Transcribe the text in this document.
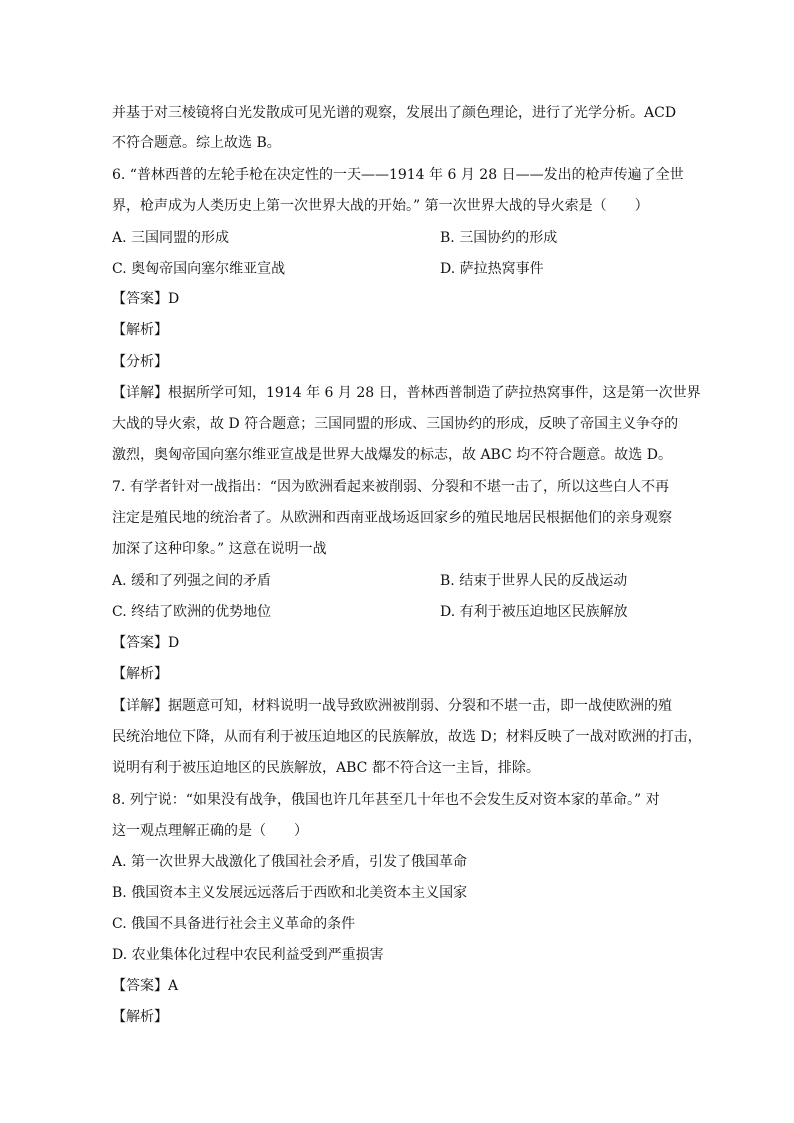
并基于对三棱镜将白光发散成可见光谱的观察，发展出了颜色理论，进行了光学分析。ACD
不符合题意。综上故选 B。
6. “普林西普的左轮手枪在决定性的一天——1914 年 6 月 28 日——发出的枪声传遍了全世
界，枪声成为人类历史上第一次世界大战的开始。” 第一次世界大战的导火索是（　　）
A. 三国同盟的形成	B. 三国协约的形成
C. 奥匈帝国向塞尔维亚宣战	D. 萨拉热窝事件
【答案】D
【解析】
【分析】
【详解】根据所学可知，1914 年 6 月 28 日，普林西普制造了萨拉热窝事件，这是第一次世界
大战的导火索，故 D 符合题意；三国同盟的形成、三国协约的形成，反映了帝国主义争夺的
激烈，奥匈帝国向塞尔维亚宣战是世界大战爆发的标志，故 ABC 均不符合题意。故选 D。
7. 有学者针对一战指出：“因为欧洲看起来被削弱、分裂和不堪一击了，所以这些白人不再
注定是殖民地的统治者了。从欧洲和西南亚战场返回家乡的殖民地居民根据他们的亲身观察
加深了这种印象。” 这意在说明一战
A. 缓和了列强之间的矛盾	B. 结束于世界人民的反战运动
C. 终结了欧洲的优势地位	D. 有利于被压迫地区民族解放
【答案】D
【解析】
【详解】据题意可知，材料说明一战导致欧洲被削弱、分裂和不堪一击，即一战使欧洲的殖
民统治地位下降，从而有利于被压迫地区的民族解放，故选 D；材料反映了一战对欧洲的打击，
说明有利于被压迫地区的民族解放，ABC 都不符合这一主旨，排除。
8. 列宁说：“如果没有战争，俄国也许几年甚至几十年也不会发生反对资本家的革命。” 对
这一观点理解正确的是（　　）
A. 第一次世界大战激化了俄国社会矛盾，引发了俄国革命
B. 俄国资本主义发展远远落后于西欧和北美资本主义国家
C. 俄国不具备进行社会主义革命的条件
D. 农业集体化过程中农民利益受到严重损害
【答案】A
【解析】
